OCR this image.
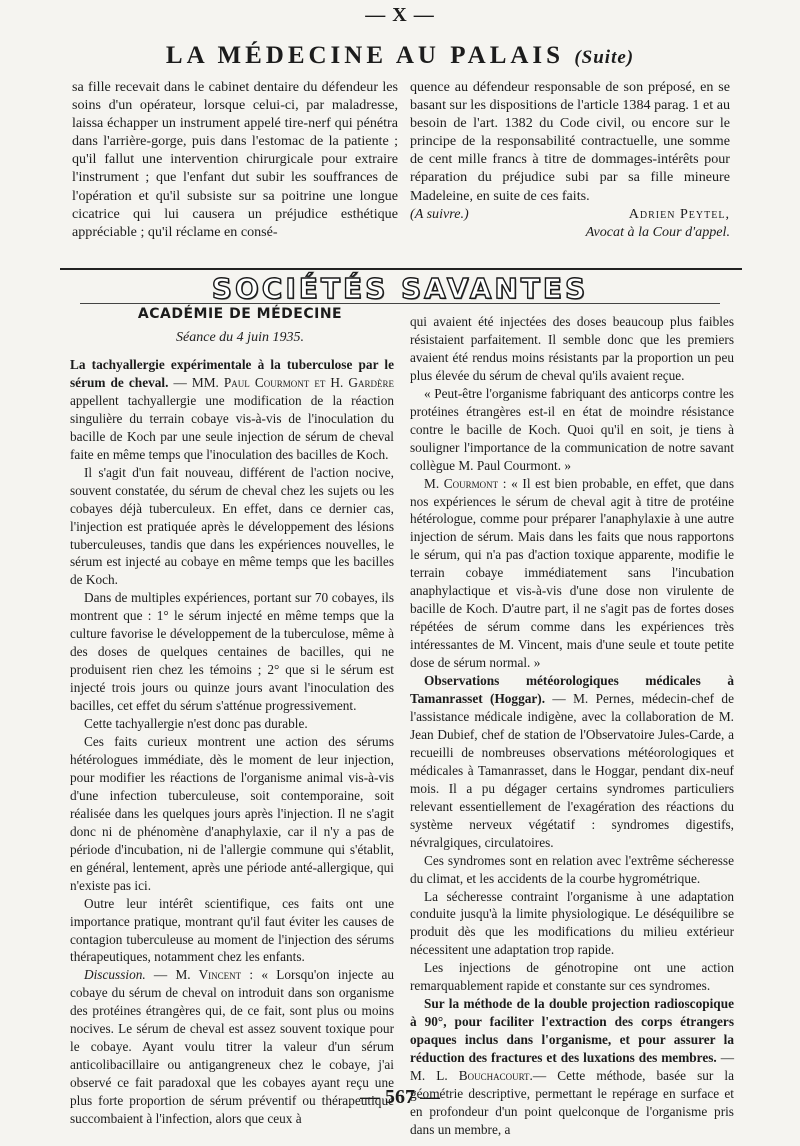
— X —
LA MÉDECINE AU PALAIS (Suite)

sa fille recevait dans le cabinet dentaire du défendeur les soins d'un opérateur, lorsque celui-ci, par maladresse, laissa échapper un instrument appelé tire-nerf qui pénétra dans l'arrière-gorge, puis dans l'estomac de la patiente ; qu'il fallut une intervention chirurgicale pour extraire l'instrument ; que l'enfant dut subir les souffrances de l'opération et qu'il subsiste sur sa poitrine une longue cicatrice qui lui causera un préjudice esthétique appréciable ; qu'il réclame en consé-

quence au défendeur responsable de son préposé, en se basant sur les dispositions de l'article 1384 parag. 1 et au besoin de l'art. 1382 du Code civil, ou encore sur le principe de la responsabilité contractuelle, une somme de cent mille francs à titre de dommages-intérêts pour réparation du préjudice subi par sa fille mineure Madeleine, en suite de ces faits.

(A suivre.)	Adrien Peytel,
Avocat à la Cour d'appel.
SOCIÉTÉS SAVANTES
ACADÉMIE DE MÉDECINE
Séance du 4 juin 1935.

La tachyallergie expérimentale à la tuberculose par le sérum de cheval. — MM. Paul Courmont et H. Gardère appellent tachyallergie une modification de la réaction singulière du terrain cobaye vis-à-vis de l'inoculation du bacille de Koch par une seule injection de sérum de cheval faite en même temps que l'inoculation des bacilles de Koch.

Il s'agit d'un fait nouveau, différent de l'action nocive, souvent constatée, du sérum de cheval chez les sujets ou les cobayes déjà tuberculeux. En effet, dans ce dernier cas, l'injection est pratiquée après le développement des lésions tuberculeuses, tandis que dans les expériences nouvelles, le sérum est injecté au cobaye en même temps que les bacilles de Koch.

Dans de multiples expériences, portant sur 70 cobayes, ils montrent que : 1° le sérum injecté en même temps que la culture favorise le développement de la tuberculose, même à des doses de quelques centaines de bacilles, qui ne produisent rien chez les témoins ; 2° que si le sérum est injecté trois jours ou quinze jours avant l'inoculation des bacilles, cet effet du sérum s'atténue progressivement.

Cette tachyallergie n'est donc pas durable.

Ces faits curieux montrent une action des sérums hétérologues immédiate, dès le moment de leur injection, pour modifier les réactions de l'organisme animal vis-à-vis d'une infection tuberculeuse, soit contemporaine, soit réalisée dans les quelques jours après l'injection. Il ne s'agit donc ni de phénomène d'anaphylaxie, car il n'y a pas de période d'incubation, ni de l'allergie commune qui s'établit, en général, lentement, après une période anté-allergique, qui n'existe pas ici.

Outre leur intérêt scientifique, ces faits ont une importance pratique, montrant qu'il faut éviter les causes de contagion tuberculeuse au moment de l'injection des sérums thérapeutiques, notamment chez les enfants.

Discussion. — M. Vincent : « Lorsqu'on injecte au cobaye du sérum de cheval on introduit dans son organisme des protéines étrangères qui, de ce fait, sont plus ou moins nocives. Le sérum de cheval est assez souvent toxique pour le cobaye. Ayant voulu titrer la valeur d'un sérum anticolibacillaire ou antigangreneux chez le cobaye, j'ai observé ce fait paradoxal que les cobayes ayant reçu une plus forte proportion de sérum préventif ou thérapeutique succombaient à l'infection, alors que ceux à

qui avaient été injectées des doses beaucoup plus faibles résistaient parfaitement. Il semble donc que les premiers avaient été rendus moins résistants par la proportion un peu plus élevée du sérum de cheval qu'ils avaient reçue.

« Peut-être l'organisme fabriquant des anticorps contre les protéines étrangères est-il en état de moindre résistance contre le bacille de Koch. Quoi qu'il en soit, je tiens à souligner l'importance de la communication de notre savant collègue M. Paul Courmont. »

M. Courmont : « Il est bien probable, en effet, que dans nos expériences le sérum de cheval agit à titre de protéine hétérologue, comme pour préparer l'anaphylaxie à une autre injection de sérum. Mais dans les faits que nous rapportons le sérum, qui n'a pas d'action toxique apparente, modifie le terrain cobaye immédiatement sans l'incubation anaphylactique et vis-à-vis d'une dose non virulente de bacille de Koch. D'autre part, il ne s'agit pas de fortes doses répétées de sérum comme dans les expériences très intéressantes de M. Vincent, mais d'une seule et toute petite dose de sérum normal. »

Observations météorologiques médicales à Tamanrasset (Hoggar). — M. Pernes, médecin-chef de l'assistance médicale indigène, avec la collaboration de M. Jean Dubief, chef de station de l'Observatoire Jules-Carde, a recueilli de nombreuses observations météorologiques et médicales à Tamanrasset, dans le Hoggar, pendant dix-neuf mois. Il a pu dégager certains syndromes particuliers relevant essentiellement de l'exagération des réactions du système nerveux végétatif : syndromes digestifs, névralgiques, circulatoires.

Ces syndromes sont en relation avec l'extrême sécheresse du climat, et les accidents de la courbe hygrométrique.

La sécheresse contraint l'organisme à une adaptation conduite jusqu'à la limite physiologique. Le déséquilibre se produit dès que les modifications du milieu extérieur nécessitent une adaptation trop rapide.

Les injections de génotropine ont une action remarquablement rapide et constante sur ces syndromes.

Sur la méthode de la double projection radioscopique à 90°, pour faciliter l'extraction des corps étrangers opaques inclus dans l'organisme, et pour assurer la réduction des fractures et des luxations des membres. — M. L. Bouchacourt.— Cette méthode, basée sur la géométrie descriptive, permettant le repérage en surface et en profondeur d'un point quelconque de l'organisme pris dans un membre, a

— 567 —
